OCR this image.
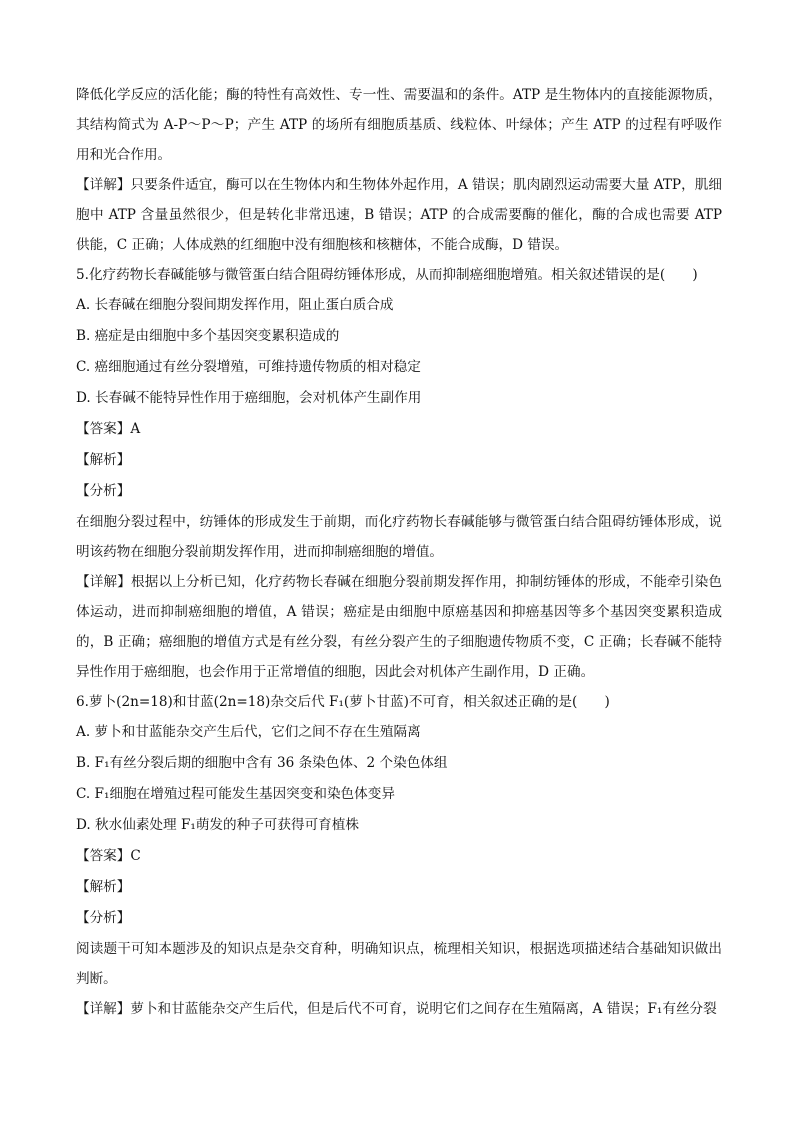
降低化学反应的活化能；酶的特性有高效性、专一性、需要温和的条件。ATP 是生物体内的直接能源物质，其结构简式为 A-P～P～P；产生 ATP 的场所有细胞质基质、线粒体、叶绿体；产生 ATP 的过程有呼吸作用和光合作用。

【详解】只要条件适宜，酶可以在生物体内和生物体外起作用，A 错误；肌肉剧烈运动需要大量 ATP，肌细胞中 ATP 含量虽然很少，但是转化非常迅速，B 错误；ATP 的合成需要酶的催化，酶的合成也需要 ATP 供能，C 正确；人体成熟的红细胞中没有细胞核和核糖体，不能合成酶，D 错误。

5.化疗药物长春碱能够与微管蛋白结合阻碍纺锤体形成，从而抑制癌细胞增殖。相关叙述错误的是(　　)

A. 长春碱在细胞分裂间期发挥作用，阻止蛋白质合成

B. 癌症是由细胞中多个基因突变累积造成的

C. 癌细胞通过有丝分裂增殖，可维持遗传物质的相对稳定

D. 长春碱不能特异性作用于癌细胞，会对机体产生副作用

【答案】A

【解析】

【分析】

在细胞分裂过程中，纺锤体的形成发生于前期，而化疗药物长春碱能够与微管蛋白结合阻碍纺锤体形成，说明该药物在细胞分裂前期发挥作用，进而抑制癌细胞的增值。

【详解】根据以上分析已知，化疗药物长春碱在细胞分裂前期发挥作用，抑制纺锤体的形成，不能牵引染色体运动，进而抑制癌细胞的增值，A 错误；癌症是由细胞中原癌基因和抑癌基因等多个基因突变累积造成的，B 正确；癌细胞的增值方式是有丝分裂，有丝分裂产生的子细胞遗传物质不变，C 正确；长春碱不能特异性作用于癌细胞，也会作用于正常增值的细胞，因此会对机体产生副作用，D 正确。

6.萝卜(2n=18)和甘蓝(2n=18)杂交后代 F₁(萝卜甘蓝)不可育，相关叙述正确的是(　　)

A. 萝卜和甘蓝能杂交产生后代，它们之间不存在生殖隔离

B. F₁有丝分裂后期的细胞中含有 36 条染色体、2 个染色体组

C. F₁细胞在增殖过程可能发生基因突变和染色体变异

D. 秋水仙素处理 F₁萌发的种子可获得可育植株

【答案】C

【解析】

【分析】

阅读题干可知本题涉及的知识点是杂交育种，明确知识点，梳理相关知识，根据选项描述结合基础知识做出判断。

【详解】萝卜和甘蓝能杂交产生后代，但是后代不可育，说明它们之间存在生殖隔离，A 错误；F₁有丝分裂
